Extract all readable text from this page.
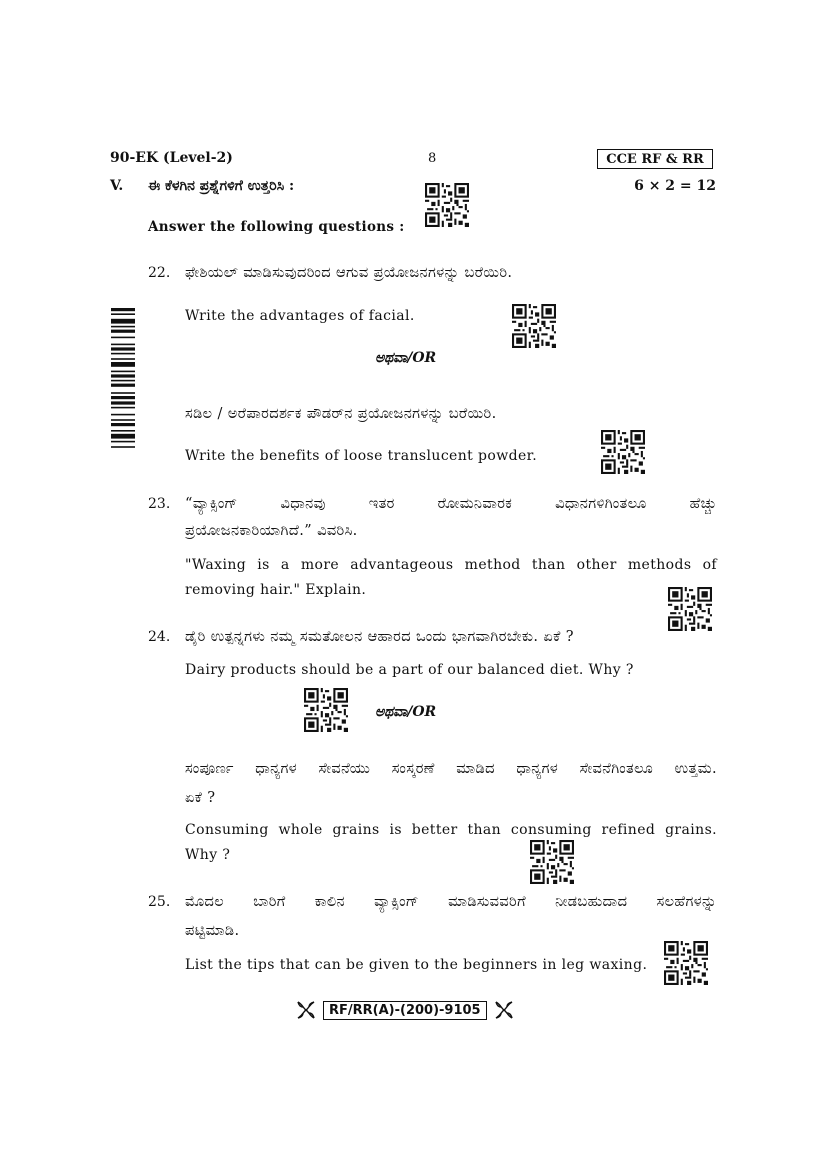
90-EK (Level-2)	8	CCE RF & RR
V. ಈ ಕೆಳಗಿನ ಪ್ರಶ್ನೆಗಳಿಗೆ ಉತ್ತರಿಸಿ :	6 × 2 = 12
Answer the following questions :
22. ಫೇಶಿಯಲ್ ಮಾಡಿಸುವುದರಿಂದ ಆಗುವ ಪ್ರಯೋಜನಗಳನ್ನು ಬರೆಯಿರಿ.
Write the advantages of facial.
ಅಥವಾ/OR
ಸಡಿಲ / ಅರೆಪಾರದರ್ಶಕ ಪೌಡರ್‌ನ ಪ್ರಯೋಜನಗಳನ್ನು ಬರೆಯಿರಿ.
Write the benefits of loose translucent powder.
23. “ವ್ಯಾಕ್ಸಿಂಗ್ ವಿಧಾನವು ಇತರ ರೋಮನಿವಾರಕ ವಿಧಾನಗಳಿಗಿಂತಲೂ ಹೆಚ್ಚು
ಪ್ರಯೋಜನಕಾರಿಯಾಗಿದೆ.” ವಿವರಿಸಿ.
"Waxing is a more advantageous method than other methods of
removing hair." Explain.
24. ಡೈರಿ ಉತ್ಪನ್ನಗಳು ನಮ್ಮ ಸಮತೋಲನ ಆಹಾರದ ಒಂದು ಭಾಗವಾಗಿರಬೇಕು. ಏಕೆ ?
Dairy products should be a part of our balanced diet. Why ?
ಅಥವಾ/OR
ಸಂಪೂರ್ಣ ಧಾನ್ಯಗಳ ಸೇವನೆಯು ಸಂಸ್ಕರಣೆ ಮಾಡಿದ ಧಾನ್ಯಗಳ ಸೇವನೆಗಿಂತಲೂ ಉತ್ತಮ.
ಏಕೆ ?
Consuming whole grains is better than consuming refined grains.
Why ?
25. ಮೊದಲ ಬಾರಿಗೆ ಕಾಲಿನ ವ್ಯಾಕ್ಸಿಂಗ್ ಮಾಡಿಸುವವರಿಗೆ ನೀಡಬಹುದಾದ ಸಲಹೆಗಳನ್ನು
ಪಟ್ಟಿಮಾಡಿ.
List the tips that can be given to the beginners in leg waxing.
RF/RR(A)-(200)-9105
